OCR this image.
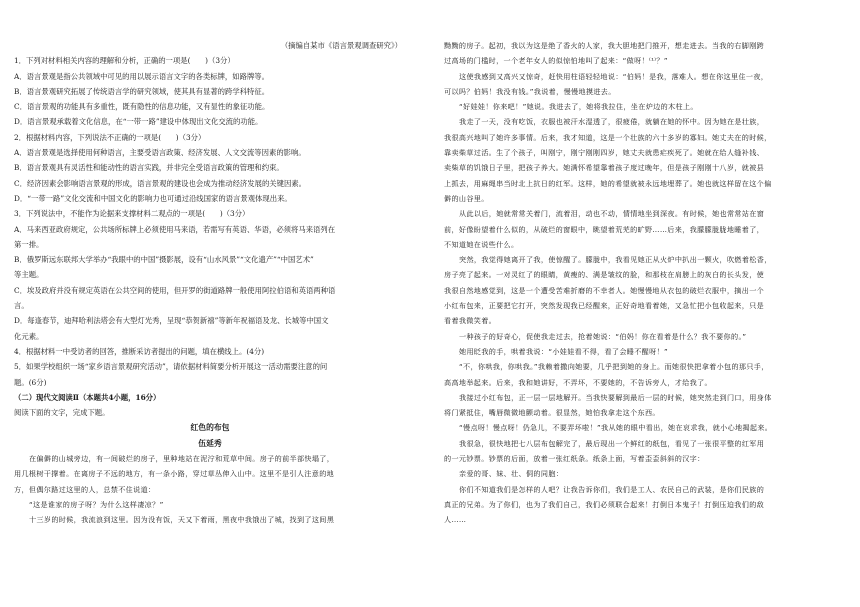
（摘编自某市《语言景观调查研究》）
1．下列对材料相关内容的理解和分析，正确的一项是(　　)（3分）
A．语言景观是指公共领域中可见的用以展示语言文字的各类标牌，如路牌等。
B．语言景观研究拓展了传统语言学的研究领域，使其具有显著的跨学科特征。
C．语言景观的功能具有多重性，既有隐性的信息功能，又有显性的象征功能。
D．语言景观承载着文化信息，在“一带一路”建设中体现出文化交流的功能。
2．根据材料内容，下列说法不正确的一项是(　　)（3分）
A．语言景观是选择使用何种语言，主要受语言政策、经济发展、人文交流等因素的影响。
B．语言景观具有灵活性和能动性的语言实践，并非完全受语言政策的管理和约束。
C．经济因素会影响语言景观的形成，语言景观的建设也会成为推动经济发展的关键因素。
D．“一带一路”文化交流和中国文化的影响力也可通过沿线国家的语言景观体现出来。
3．下列说法中，不能作为论据来支撑材料二观点的一项是(　　)（3分）
A．马来西亚政府规定，公共场所标牌上必须使用马来语，若需写有英语、华语，必须将马来语列在
第一排。
B．俄罗斯远东联邦大学举办“我眼中的中国”摄影展，设有“山水风景”“文化遗产”“中国艺术”
等主题。
C．埃及政府并没有规定英语在公共空间的使用，但开罗的街道路牌一般使用阿拉伯语和英语两种语
言。
D．每逢春节，迪拜哈利法塔会有大型灯光秀，呈现“恭贺新禧”等新年祝福语及龙、长城等中国文
化元素。
4．根据材料一中受访者的回答，推断采访者提出的问题，填在横线上。(4分)
5．如果学校组织一场“家乡语言景观研究活动”，请依据材料简要分析开展这一活动需要注意的问
题。(6分)
（二）现代文阅读Ⅱ（本题共4小题，16分）
阅读下面的文字，完成下题。
红色的布包
伍延秀
在偏僻的山城旁边，有一间破烂的房子，里种地站在泥泞和荒草中间。房子的前半部快塌了，
用几根树干撑着。在离房子不远的地方，有一条小路，穿过草丛伸入山中。这里不是引人注意的地
方，但偶尔路过这里的人，总禁不住说道：
“这是谁家的房子呀？为什么这样凄凉？”
十三岁的时候，我流浪到这里。因为没有饭，天又下着雨，黑夜中我饿出了城，找到了这间黑
黝黝的房子。起初，我以为这是绝了香火的人家，我大胆地把门推开，想走进去。当我的右脚刚跨
过高场的门槛时，一个老年女人的似惊怕地叫了起来：“做呀！⁽¹⁾？”
这使我感到又高兴又惊奇，赶快用柱语轻轻地说：“伯妈！是我，落难人。想在你这里住一夜，
可以吗？伯妈！我没有钱。”我说着，慢慢地摸进去。
“好娃娃！你来吧！”她说。我进去了，她将我拉住，坐在炉边的木柱上。
我走了一天，没有吃饭，衣服也被汗水湿透了，很疲倦，就躺在她的怀中。因为她在是壮族，
我很高兴地叫了她许多事情。后来，我才知道，这是一个壮族的六十多岁的寡妇。她丈夫在的时候，
靠卖柴草过活。生了个孩子，叫刚宁，刚宁刚刚四岁，她丈夫就患疟疾死了。她就在给人缝补钱、
卖柴草的饥饿日子里，把孩子养大。她满怀希望靠着孩子度过晚年，但是孩子刚刚十八岁，就被县
上抓去，用麻绳串当时北上抗日的红军。这样，她的希望就被永远地埋葬了。她也就这样留在这个偏
僻的山谷里。
从此以后，她就常常关着门，流着泪，动也不动，情情地坐到深夜。有时候，她也常常站在窗
前，好像盼望着什么似的，从破烂的窗眼中，眺望着荒芜的旷野……后来，我朦朦胧胧地睡着了，
不知道她在说些什么。
突然，我觉得她离开了我，使惊醒了。朦胧中，我看见她正从火炉中扒出一颗火，吹燃着松香，
房子亮了起来。一对灵红了的眼睛，黄瘦的、满是皱纹的脸，和那枝在肩膀上的灰白的长头发，使
我很自然地感觉到，这是一个遭受苦难折磨的不幸者人。她慢慢地从衣包的破烂衣服中，摘出一个
小红布包来，正要把它打开，突然发现我已经醒来，正好奇地看着她，又急忙把小包收起来，只是
看着我微笑着。
一种孩子的好奇心，促使我走过去，抢着她说：“伯妈！你在看着是什么？我不要你的。”
她用眨我的手，哄着我说：“小娃娃看不得，看了会睡不醒呀！”
“不，你哄我，你哄我。”我赖着撒向她要，几乎把到她的身上。而她很快把拿着小包的那只手，
高高地举起来。后来，我和她讲好，不弄坏，不要她的，不告诉旁人，才给我了。
我接过小红布包，正一层一层地解开。当我快要解到最后一层的时候，她突然走到门口，用身体
将门紧抵住，嘴唇微微地颤动着。很显然，她怕我拿走这个东西。
“慢点呀！慢点呀！仍急儿，不要弄坏啦！”我从她的眼中看出，她在哀求我，就小心地揭起来。
我很急，很快地把七八层布包解完了，最后现出一个鲜红的纸包，看见了一张很平整的红军用
的一元钞票。钞票的后面，放着一张红纸条。纸条上面，写着歪歪斜斜的汉字：
亲爱的哥、妹、壮、侗的同胞：
你们不知道我们是怎样的人吧？让我告诉你们，我们是工人、农民自己的武装，是你们民族的
真正的兄弟。为了你们，也为了我们自己，我们必须联合起来！打倒日本鬼子！打倒压迫我们的敌
人……
